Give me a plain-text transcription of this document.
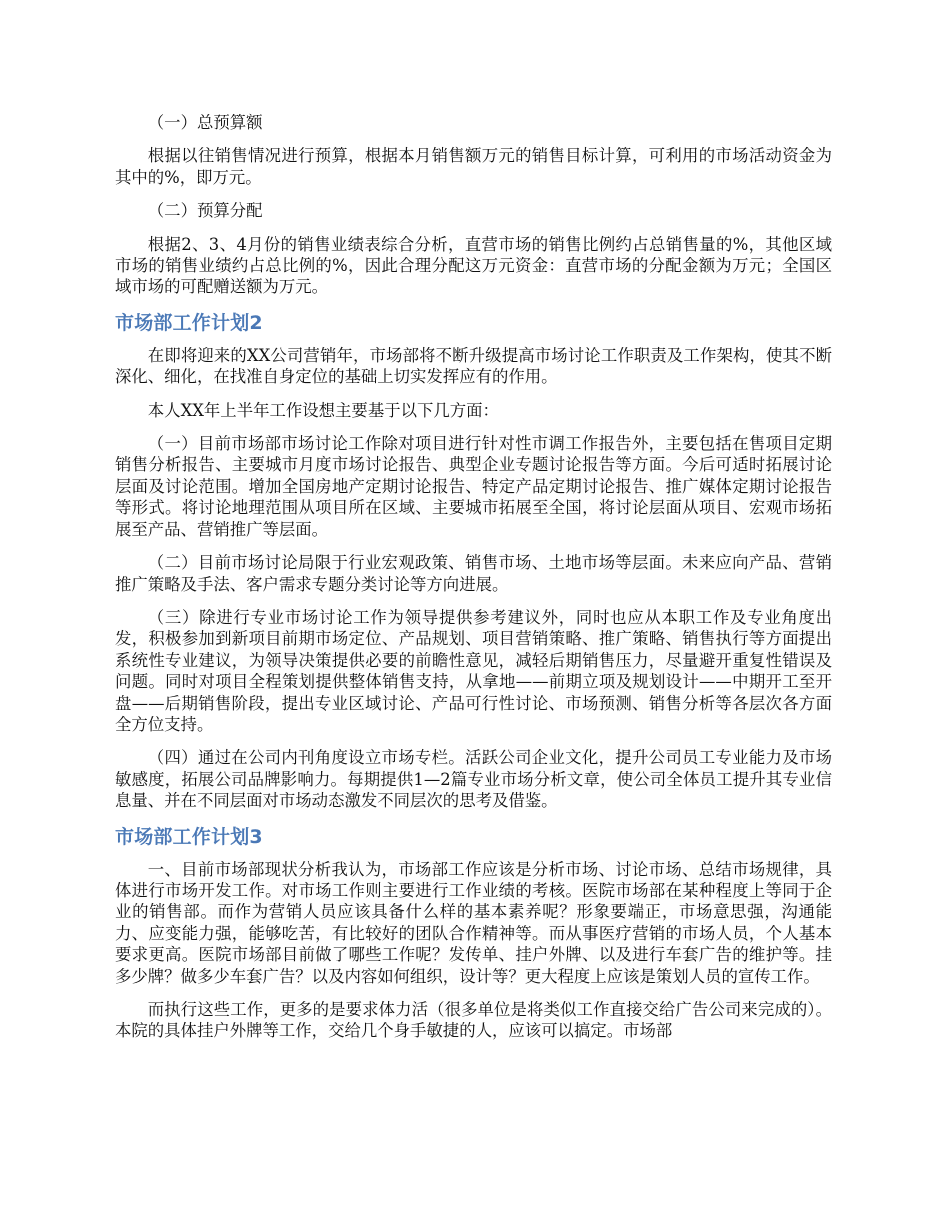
（一）总预算额

根据以往销售情况进行预算，根据本月销售额万元的销售目标计算，可利用的市场活动资金为其中的%，即万元。

（二）预算分配

根据2、3、4月份的销售业绩表综合分析，直营市场的销售比例约占总销售量的%，其他区域市场的销售业绩约占总比例的%，因此合理分配这万元资金：直营市场的分配金额为万元；全国区域市场的可配赠送额为万元。

市场部工作计划2

在即将迎来的XX公司营销年，市场部将不断升级提高市场讨论工作职责及工作架构，使其不断深化、细化，在找准自身定位的基础上切实发挥应有的作用。

本人XX年上半年工作设想主要基于以下几方面：

（一）目前市场部市场讨论工作除对项目进行针对性市调工作报告外，主要包括在售项目定期销售分析报告、主要城市月度市场讨论报告、典型企业专题讨论报告等方面。今后可适时拓展讨论层面及讨论范围。增加全国房地产定期讨论报告、特定产品定期讨论报告、推广媒体定期讨论报告等形式。将讨论地理范围从项目所在区域、主要城市拓展至全国，将讨论层面从项目、宏观市场拓展至产品、营销推广等层面。

（二）目前市场讨论局限于行业宏观政策、销售市场、土地市场等层面。未来应向产品、营销推广策略及手法、客户需求专题分类讨论等方向进展。

（三）除进行专业市场讨论工作为领导提供参考建议外，同时也应从本职工作及专业角度出发，积极参加到新项目前期市场定位、产品规划、项目营销策略、推广策略、销售执行等方面提出系统性专业建议，为领导决策提供必要的前瞻性意见，减轻后期销售压力，尽量避开重复性错误及问题。同时对项目全程策划提供整体销售支持，从拿地——前期立项及规划设计——中期开工至开盘——后期销售阶段，提出专业区域讨论、产品可行性讨论、市场预测、销售分析等各层次各方面全方位支持。

（四）通过在公司内刊角度设立市场专栏。活跃公司企业文化，提升公司员工专业能力及市场敏感度，拓展公司品牌影响力。每期提供1—2篇专业市场分析文章，使公司全体员工提升其专业信息量、并在不同层面对市场动态激发不同层次的思考及借鉴。

市场部工作计划3

一、目前市场部现状分析我认为，市场部工作应该是分析市场、讨论市场、总结市场规律，具体进行市场开发工作。对市场工作则主要进行工作业绩的考核。医院市场部在某种程度上等同于企业的销售部。而作为营销人员应该具备什么样的基本素养呢？形象要端正，市场意思强，沟通能力、应变能力强，能够吃苦，有比较好的团队合作精神等。而从事医疗营销的市场人员，个人基本要求更高。医院市场部目前做了哪些工作呢？发传单、挂户外牌、以及进行车套广告的维护等。挂多少牌？做多少车套广告？以及内容如何组织，设计等？更大程度上应该是策划人员的宣传工作。

而执行这些工作，更多的是要求体力活（很多单位是将类似工作直接交给广告公司来完成的）。本院的具体挂户外牌等工作，交给几个身手敏捷的人，应该可以搞定。市场部
